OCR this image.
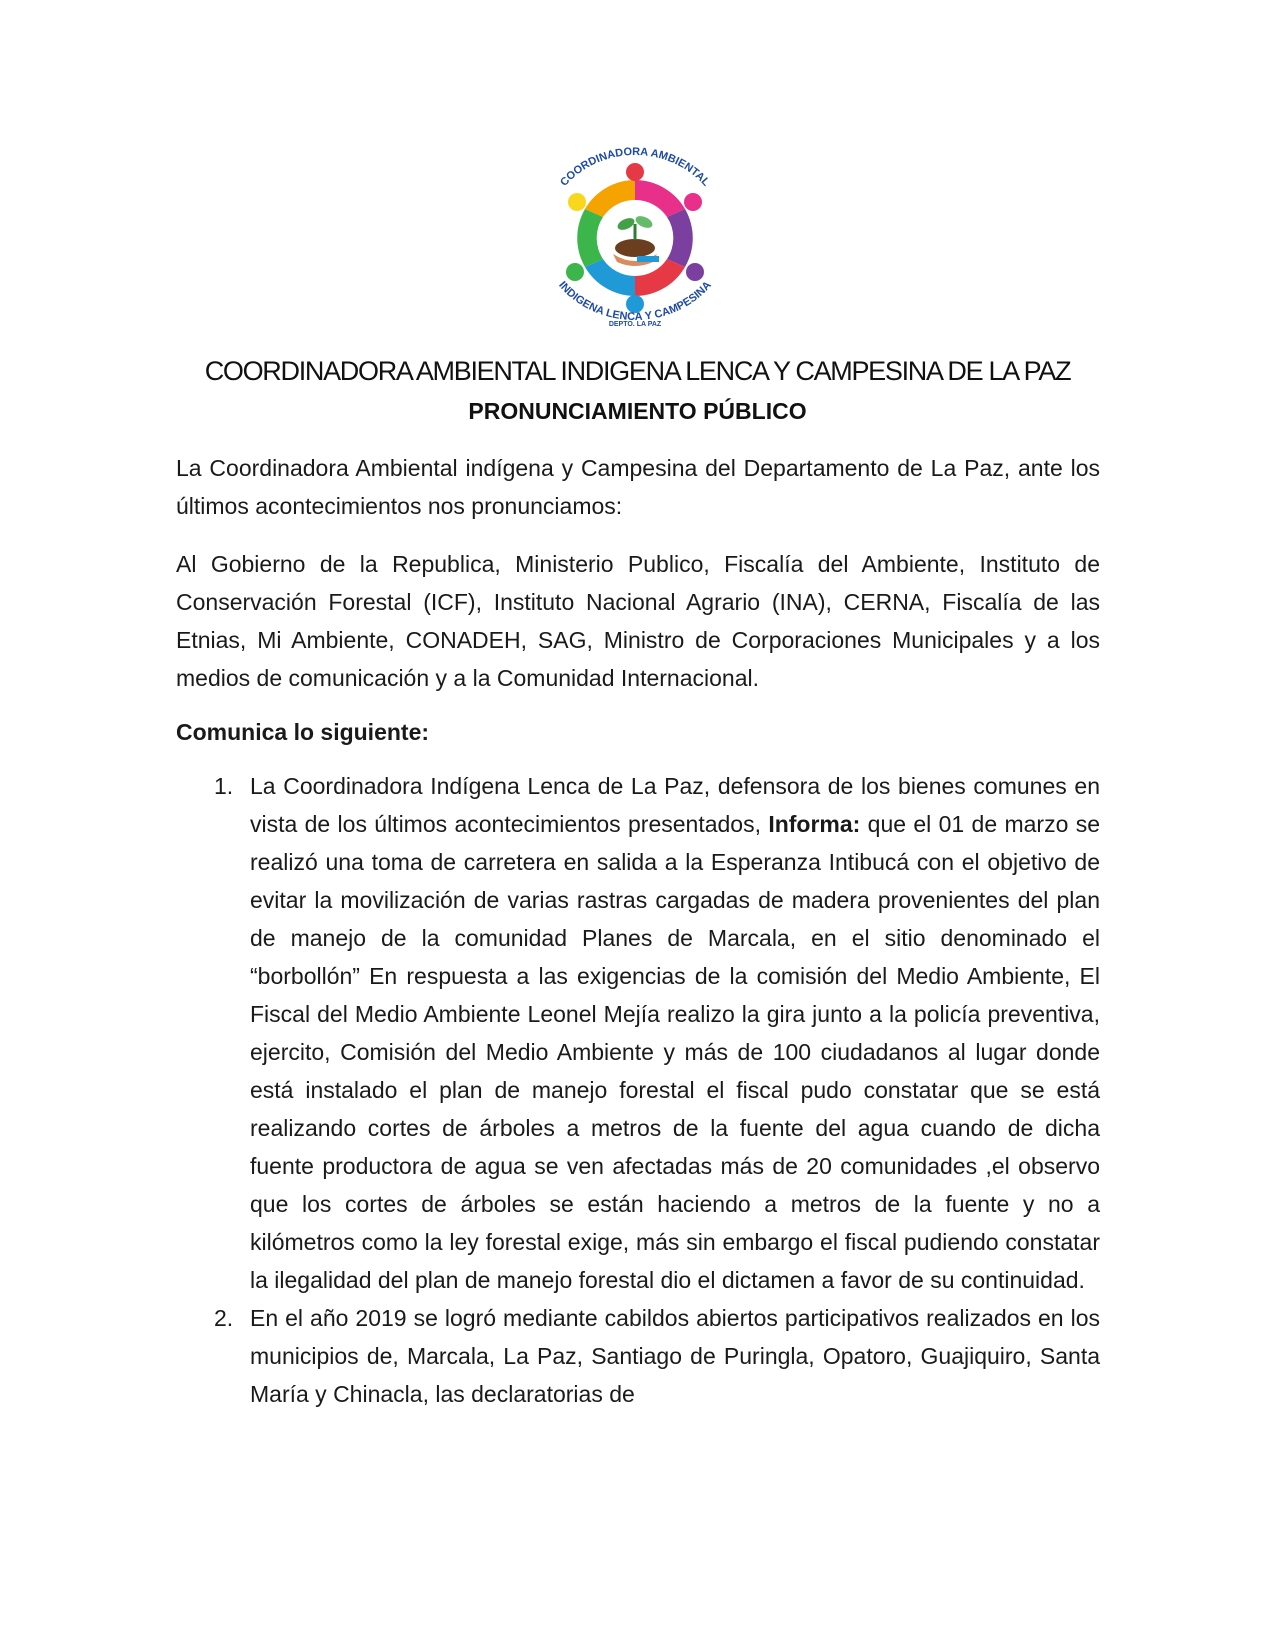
COORDINADORA AMBIENTAL
INDIGENA LENCA Y CAMPESINA
DEPTO. LA PAZ
COORDINADORA AMBIENTAL INDIGENA LENCA Y CAMPESINA DE LA PAZ
PRONUNCIAMIENTO PÚBLICO

La Coordinadora Ambiental indígena y Campesina del Departamento de La Paz, ante los últimos acontecimientos nos pronunciamos:

Al Gobierno de la Republica, Ministerio Publico, Fiscalía del Ambiente, Instituto de Conservación Forestal (ICF), Instituto Nacional Agrario (INA), CERNA, Fiscalía de las Etnias, Mi Ambiente, CONADEH, SAG, Ministro de Corporaciones Municipales y a los medios de comunicación y a la Comunidad Internacional.

Comunica lo siguiente:

1. La Coordinadora Indígena Lenca de La Paz, defensora de los bienes comunes en vista de los últimos acontecimientos presentados, Informa: que el 01 de marzo se realizó una toma de carretera en salida a la Esperanza Intibucá con el objetivo de evitar la movilización de varias rastras cargadas de madera provenientes del plan de manejo de la comunidad Planes de Marcala, en el sitio denominado el “borbollón” En respuesta a las exigencias de la comisión del Medio Ambiente, El Fiscal del Medio Ambiente Leonel Mejía realizo la gira junto a la policía preventiva, ejercito, Comisión del Medio Ambiente y más de 100 ciudadanos al lugar donde está instalado el plan de manejo forestal el fiscal pudo constatar que se está realizando cortes de árboles a metros de la fuente del agua cuando de dicha fuente productora de agua se ven afectadas más de 20 comunidades ,el observo que los cortes de árboles se están haciendo a metros de la fuente y no a kilómetros como la ley forestal exige, más sin embargo el fiscal pudiendo constatar la ilegalidad del plan de manejo forestal dio el dictamen a favor de su continuidad.
2. En el año 2019 se logró mediante cabildos abiertos participativos realizados en los municipios de, Marcala, La Paz, Santiago de Puringla, Opatoro, Guajiquiro, Santa María y Chinacla, las declaratorias de
